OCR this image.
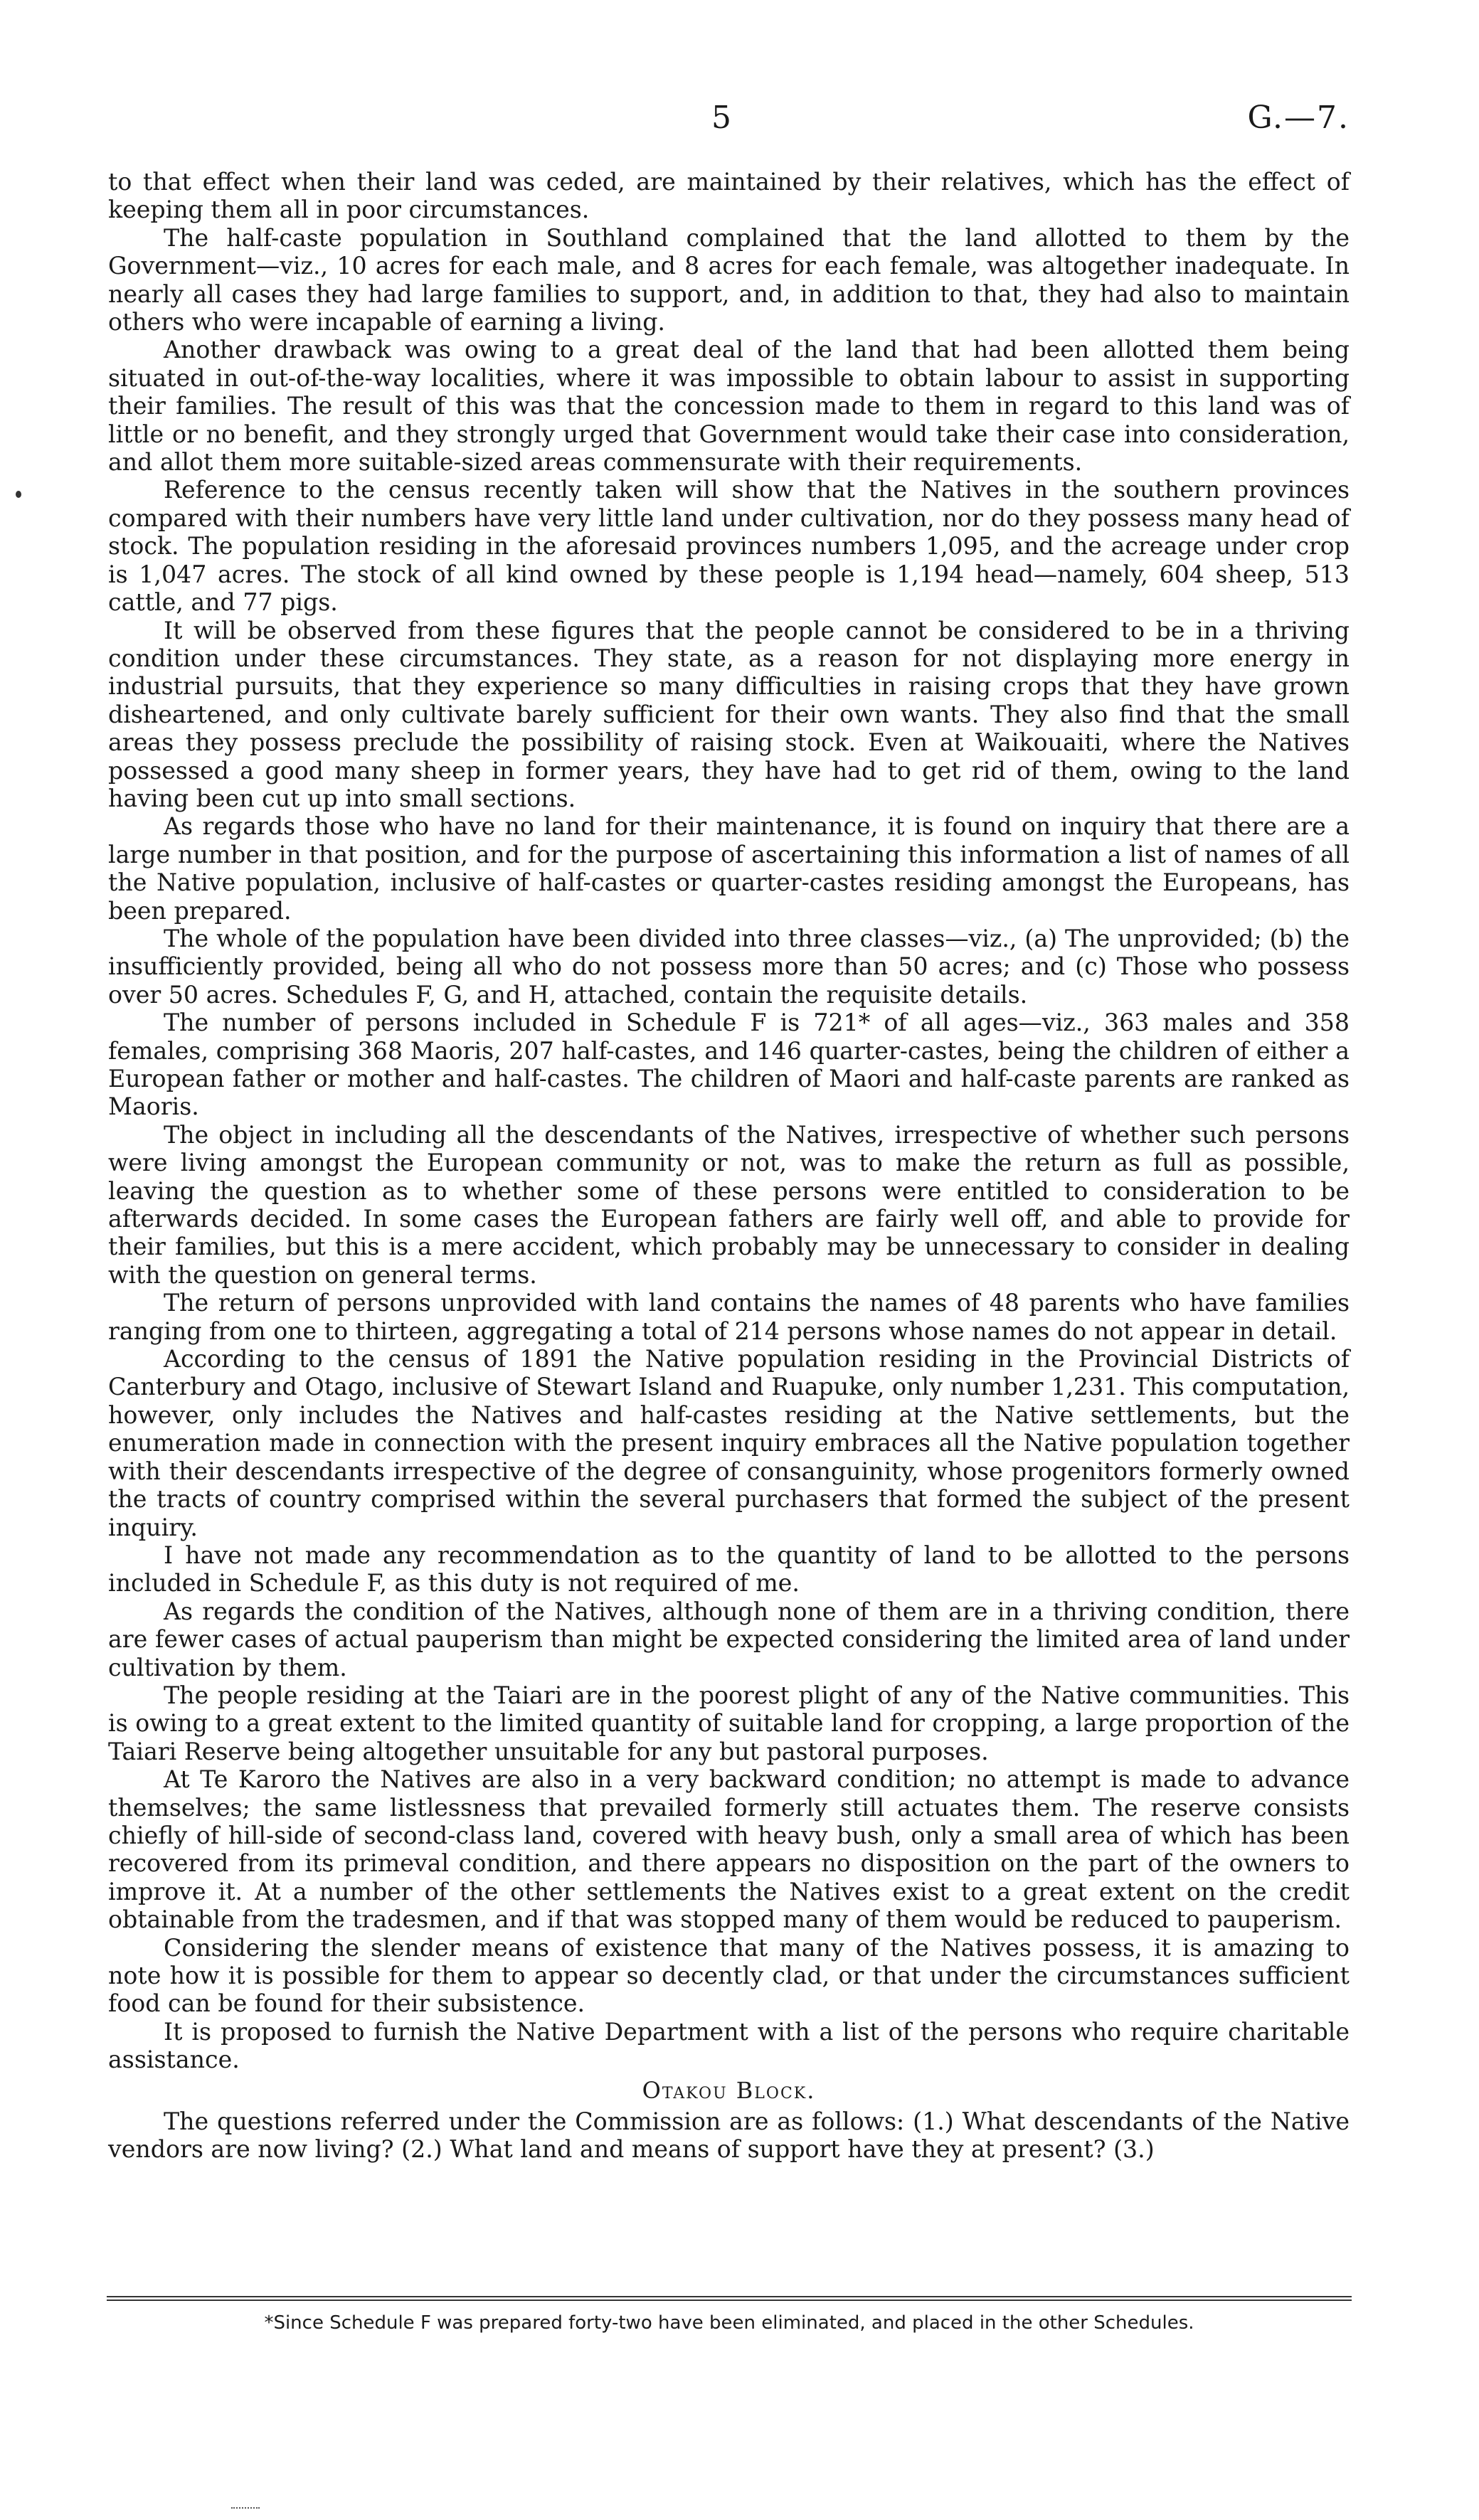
5	G.—7.

to that effect when their land was ceded, are maintained by their relatives, which has the effect of keeping them all in poor circumstances.

The half-caste population in Southland complained that the land allotted to them by the Government—viz., 10 acres for each male, and 8 acres for each female, was altogether inadequate. In nearly all cases they had large families to support, and, in addition to that, they had also to maintain others who were incapable of earning a living.

Another drawback was owing to a great deal of the land that had been allotted them being situated in out-of-the-way localities, where it was impossible to obtain labour to assist in supporting their families. The result of this was that the concession made to them in regard to this land was of little or no benefit, and they strongly urged that Government would take their case into consideration, and allot them more suitable-sized areas commensurate with their requirements.

Reference to the census recently taken will show that the Natives in the southern provinces compared with their numbers have very little land under cultivation, nor do they possess many head of stock. The population residing in the aforesaid provinces numbers 1,095, and the acreage under crop is 1,047 acres. The stock of all kind owned by these people is 1,194 head—namely, 604 sheep, 513 cattle, and 77 pigs.

It will be observed from these figures that the people cannot be considered to be in a thriving condition under these circumstances. They state, as a reason for not displaying more energy in industrial pursuits, that they experience so many difficulties in raising crops that they have grown disheartened, and only cultivate barely sufficient for their own wants. They also find that the small areas they possess preclude the possibility of raising stock. Even at Waikouaiti, where the Natives possessed a good many sheep in former years, they have had to get rid of them, owing to the land having been cut up into small sections.

As regards those who have no land for their maintenance, it is found on inquiry that there are a large number in that position, and for the purpose of ascertaining this information a list of names of all the Native population, inclusive of half-castes or quarter-castes residing amongst the Europeans, has been prepared.

The whole of the population have been divided into three classes—viz., (a) The unprovided; (b) the insufficiently provided, being all who do not possess more than 50 acres; and (c) Those who possess over 50 acres. Schedules F, G, and H, attached, contain the requisite details.

The number of persons included in Schedule F is 721* of all ages—viz., 363 males and 358 females, comprising 368 Maoris, 207 half-castes, and 146 quarter-castes, being the children of either a European father or mother and half-castes. The children of Maori and half-caste parents are ranked as Maoris.

The object in including all the descendants of the Natives, irrespective of whether such persons were living amongst the European community or not, was to make the return as full as possible, leaving the question as to whether some of these persons were entitled to consideration to be afterwards decided. In some cases the European fathers are fairly well off, and able to provide for their families, but this is a mere accident, which probably may be unnecessary to consider in dealing with the question on general terms.

The return of persons unprovided with land contains the names of 48 parents who have families ranging from one to thirteen, aggregating a total of 214 persons whose names do not appear in detail.

According to the census of 1891 the Native population residing in the Provincial Districts of Canterbury and Otago, inclusive of Stewart Island and Ruapuke, only number 1,231. This computation, however, only includes the Natives and half-castes residing at the Native settlements, but the enumeration made in connection with the present inquiry embraces all the Native population together with their descendants irrespective of the degree of consanguinity, whose progenitors formerly owned the tracts of country comprised within the several purchasers that formed the subject of the present inquiry.

I have not made any recommendation as to the quantity of land to be allotted to the persons included in Schedule F, as this duty is not required of me.

As regards the condition of the Natives, although none of them are in a thriving condition, there are fewer cases of actual pauperism than might be expected considering the limited area of land under cultivation by them.

The people residing at the Taiari are in the poorest plight of any of the Native communities. This is owing to a great extent to the limited quantity of suitable land for cropping, a large proportion of the Taiari Reserve being altogether unsuitable for any but pastoral purposes.

At Te Karoro the Natives are also in a very backward condition; no attempt is made to advance themselves; the same listlessness that prevailed formerly still actuates them. The reserve consists chiefly of hill-side of second-class land, covered with heavy bush, only a small area of which has been recovered from its primeval condition, and there appears no disposition on the part of the owners to improve it. At a number of the other settlements the Natives exist to a great extent on the credit obtainable from the tradesmen, and if that was stopped many of them would be reduced to pauperism.

Considering the slender means of existence that many of the Natives possess, it is amazing to note how it is possible for them to appear so decently clad, or that under the circumstances sufficient food can be found for their subsistence.

It is proposed to furnish the Native Department with a list of the persons who require charitable assistance.

Otakou Block.

The questions referred under the Commission are as follows: (1.) What descendants of the Native vendors are now living? (2.) What land and means of support have they at present? (3.)

*Since Schedule F was prepared forty-two have been eliminated, and placed in the other Schedules.
